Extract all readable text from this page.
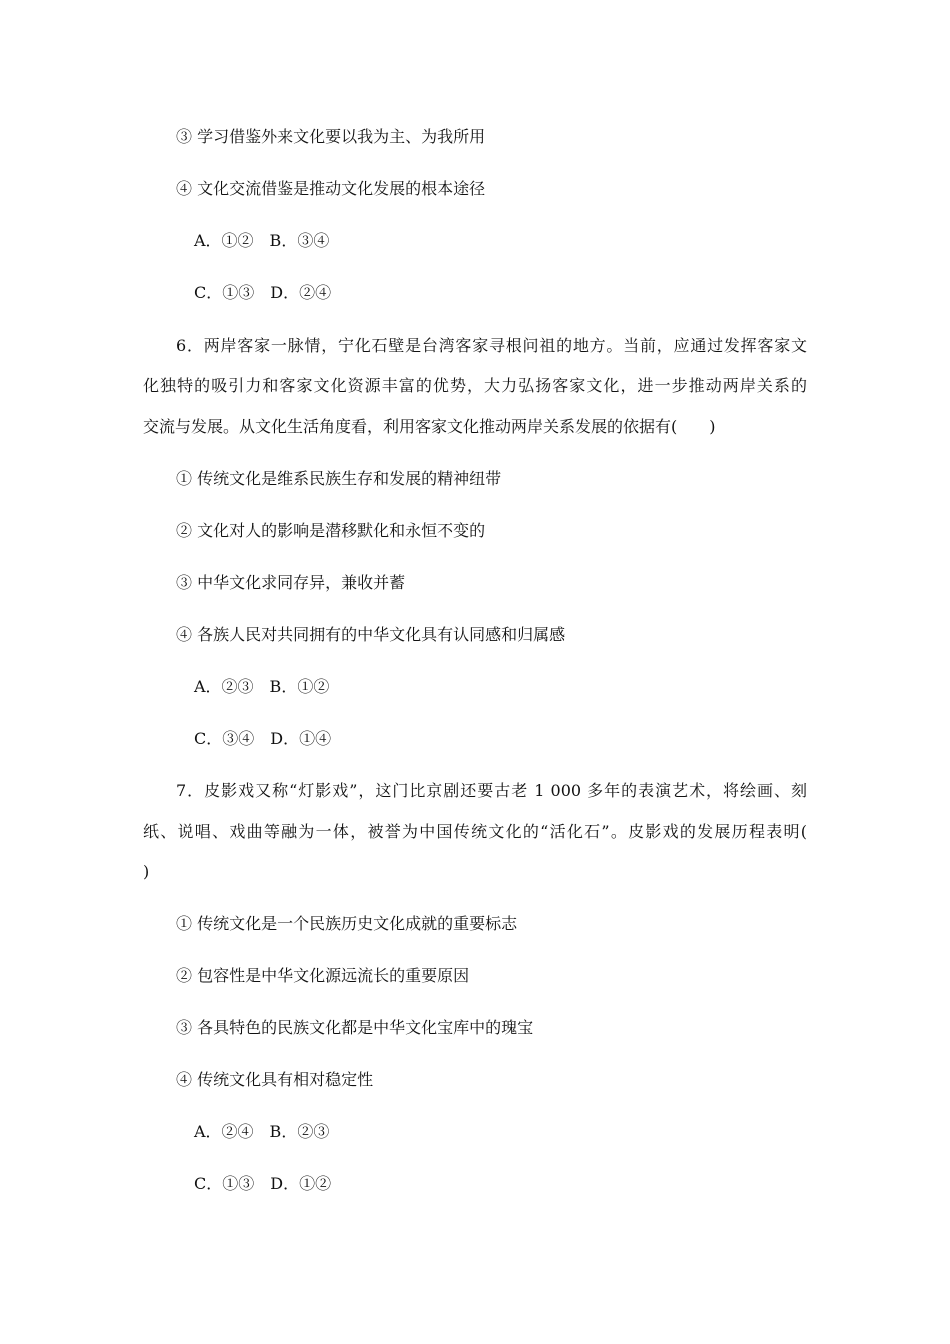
③ 学习借鉴外来文化要以我为主、为我所用
④ 文化交流借鉴是推动文化发展的根本途径
A．①②　B．③④
C．①③　D．②④
6．两岸客家一脉情，宁化石壁是台湾客家寻根问祖的地方。当前，应通过发挥客家文
化独特的吸引力和客家文化资源丰富的优势，大力弘扬客家文化，进一步推动两岸关系的
交流与发展。从文化生活角度看，利用客家文化推动两岸关系发展的依据有(　　)
① 传统文化是维系民族生存和发展的精神纽带
② 文化对人的影响是潜移默化和永恒不变的
③ 中华文化求同存异，兼收并蓄
④ 各族人民对共同拥有的中华文化具有认同感和归属感
A．②③　B．①②
C．③④　D．①④
7．皮影戏又称“灯影戏”，这门比京剧还要古老 1 000 多年的表演艺术，将绘画、刻
纸、说唱、戏曲等融为一体，被誉为中国传统文化的“活化石”。皮影戏的发展历程表明(
)
① 传统文化是一个民族历史文化成就的重要标志
② 包容性是中华文化源远流长的重要原因
③ 各具特色的民族文化都是中华文化宝库中的瑰宝
④ 传统文化具有相对稳定性
A．②④　B．②③
C．①③　D．①②
